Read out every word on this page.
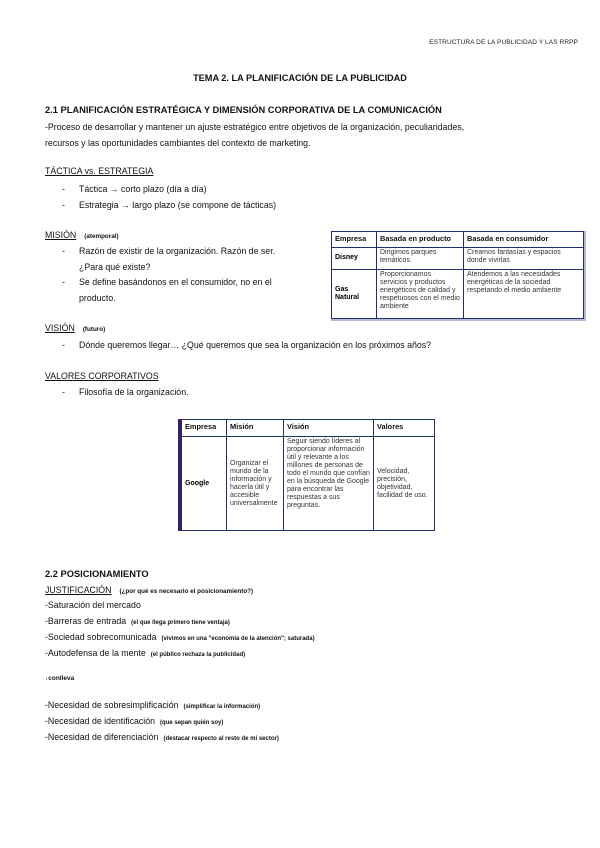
ESTRUCTURA DE LA PUBLICIDAD Y LAS RRPP
TEMA 2. LA PLANIFICACIÓN DE LA PUBLICIDAD
2.1 PLANIFICACIÓN ESTRATÉGICA Y DIMENSIÓN CORPORATIVA DE LA COMUNICACIÓN
-Proceso de desarrollar y mantener un ajuste estratégico entre objetivos de la organización, peculiaridades,
recursos y las oportunidades cambiantes del contexto de marketing.
TÁCTICA vs. ESTRATEGIA
- Táctica → corto plazo (día a día)
- Estrategia → largo plazo (se compone de tácticas)
MISIÓN (atemporal)
- Razón de existir de la organización. Razón de ser.
¿Para qué existe?
- Se define basándonos en el consumidor, no en el
producto.
Empresa	Basada en producto	Basada en consumidor
Disney	Dirigimos parques temáticos	Creamos fantasías y espacios donde vivirlas
Gas Natural	Proporcionamos servicios y productos energéticos de calidad y respetuosos con el medio ambiente	Atendemos a las necesidades energéticas de la sociedad respetando el medio ambiente
VISIÓN (futuro)
- Dónde queremos llegar… ¿Qué queremos que sea la organización en los próximos años?
VALORES CORPORATIVOS
- Filosofía de la organización.
Empresa	Misión	Visión	Valores
Google	Organizar el mundo de la información y hacerla útil y accesible universalmente	Seguir siendo líderes al proporcionar información útil y relevante a los millones de personas de todo el mundo que confían en la búsqueda de Google para encontrar las respuestas a sus preguntas.	Velocidad, precisión, objetividad, facilidad de uso.
2.2 POSICIONAMIENTO
JUSTIFICACIÓN (¿por qué es necesario el posicionamiento?)
-Saturación del mercado
-Barreras de entrada (el que llega primero tiene ventaja)
-Sociedad sobrecomunicada (vivimos en una "economía de la atención"; saturada)
-Autodefensa de la mente (el público rechaza la publicidad)
↓conlleva
-Necesidad de sobresimplificación (simplificar la información)
-Necesidad de identificación (que sepan quién soy)
-Necesidad de diferenciación (destacar respecto al resto de mi sector)
